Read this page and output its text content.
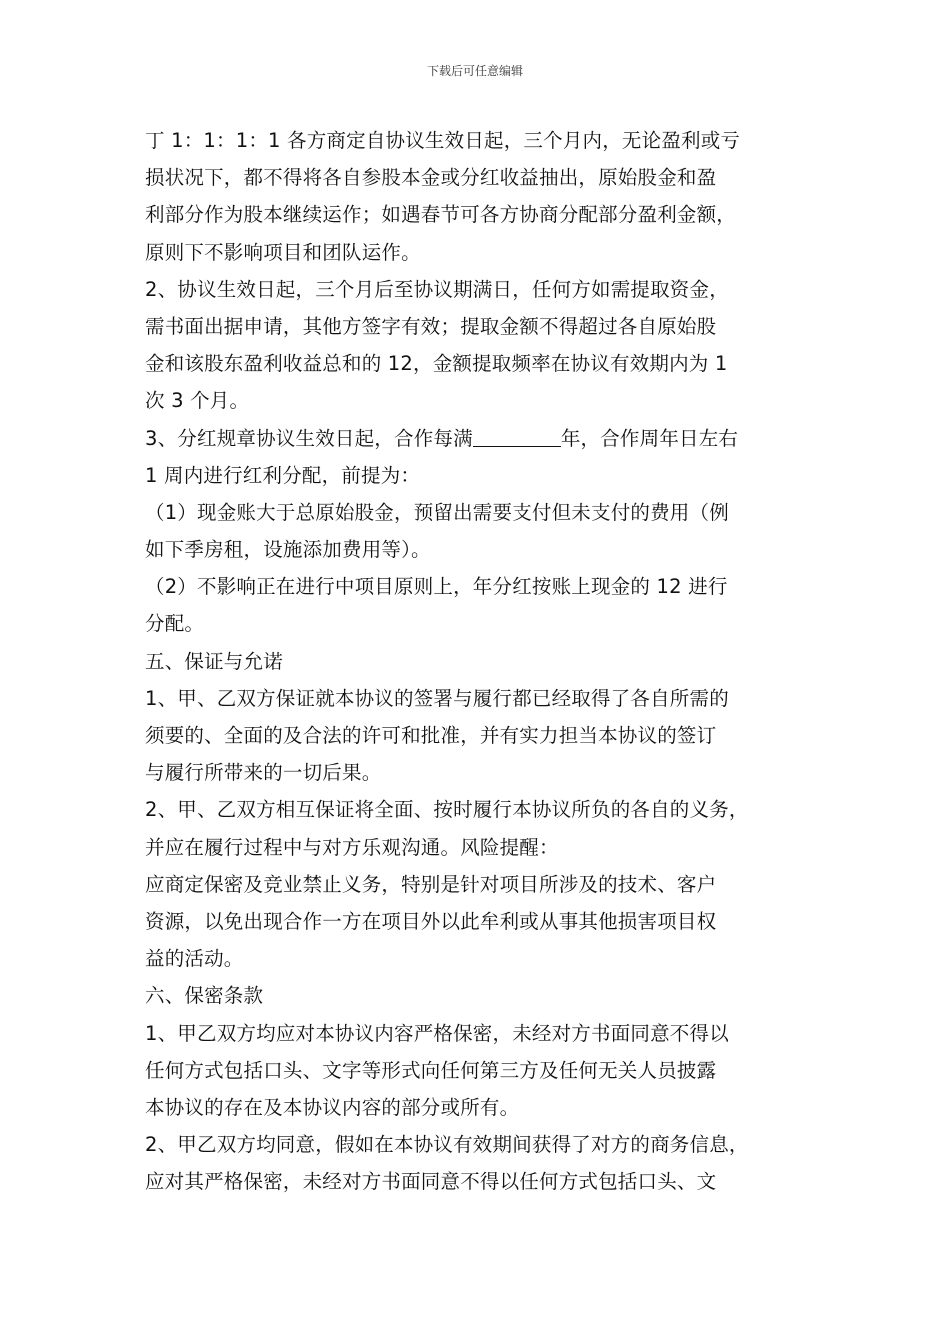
下载后可任意编辑
丁 1：1：1：1 各方商定自协议生效日起，三个月内，无论盈利或亏
损状况下，都不得将各自参股本金或分红收益抽出，原始股金和盈
利部分作为股本继续运作；如遇春节可各方协商分配部分盈利金额，
原则下不影响项目和团队运作。
2、协议生效日起，三个月后至协议期满日，任何方如需提取资金，
需书面出据申请，其他方签字有效；提取金额不得超过各自原始股
金和该股东盈利收益总和的 12，金额提取频率在协议有效期内为 1
次 3 个月。
3、分红规章协议生效日起，合作每满	年，合作周年日左右
1 周内进行红利分配，前提为：
（1）现金账大于总原始股金，预留出需要支付但未支付的费用（例
如下季房租，设施添加费用等）。
（2）不影响正在进行中项目原则上，年分红按账上现金的 12 进行
分配。
五、保证与允诺
1、甲、乙双方保证就本协议的签署与履行都已经取得了各自所需的
须要的、全面的及合法的许可和批准，并有实力担当本协议的签订
与履行所带来的一切后果。
2、甲、乙双方相互保证将全面、按时履行本协议所负的各自的义务，
并应在履行过程中与对方乐观沟通。风险提醒：
应商定保密及竞业禁止义务，特别是针对项目所涉及的技术、客户
资源，以免出现合作一方在项目外以此牟利或从事其他损害项目权
益的活动。
六、保密条款
1、甲乙双方均应对本协议内容严格保密，未经对方书面同意不得以
任何方式包括口头、文字等形式向任何第三方及任何无关人员披露
本协议的存在及本协议内容的部分或所有。
2、甲乙双方均同意，假如在本协议有效期间获得了对方的商务信息，
应对其严格保密，未经对方书面同意不得以任何方式包括口头、文
